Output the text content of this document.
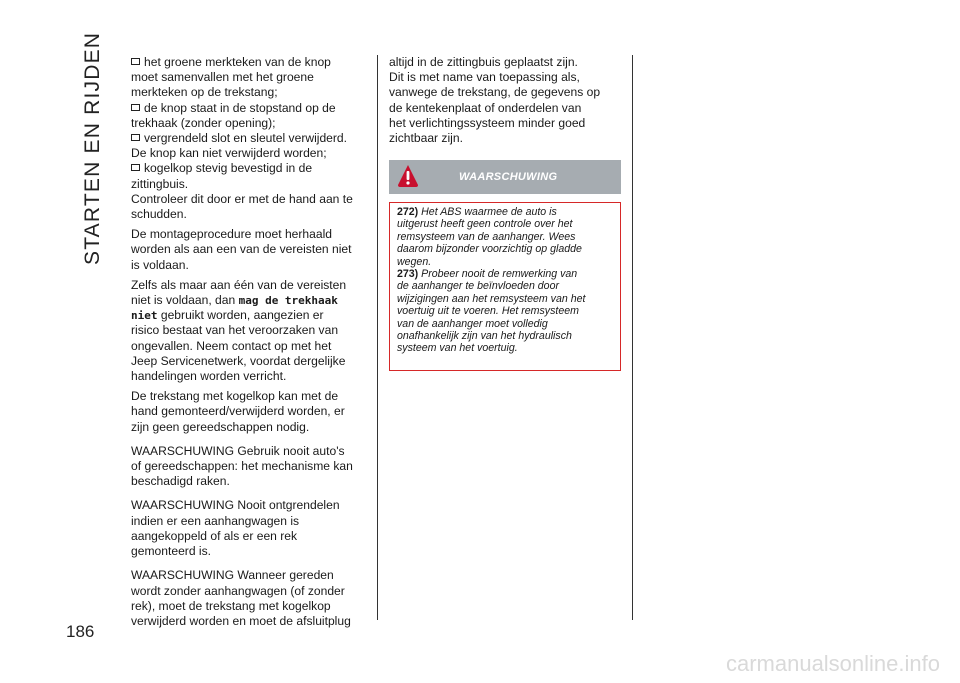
STARTEN EN RIJDEN
186
het groene merkteken van de knop
moet samenvallen met het groene
merkteken op de trekstang;
de knop staat in de stopstand op de
trekhaak (zonder opening);
vergrendeld slot en sleutel verwijderd.
De knop kan niet verwijderd worden;
kogelkop stevig bevestigd in de
zittingbuis.
Controleer dit door er met de hand aan te
schudden.
De montageprocedure moet herhaald
worden als aan een van de vereisten niet
is voldaan.
Zelfs als maar aan één van de vereisten
niet is voldaan, dan mag de trekhaak
niet gebruikt worden, aangezien er
risico bestaat van het veroorzaken van
ongevallen. Neem contact op met het
Jeep Servicenetwerk, voordat dergelijke
handelingen worden verricht.
De trekstang met kogelkop kan met de
hand gemonteerd/verwijderd worden, er
zijn geen gereedschappen nodig.
WAARSCHUWING Gebruik nooit auto's
of gereedschappen: het mechanisme kan
beschadigd raken.
WAARSCHUWING Nooit ontgrendelen
indien er een aanhangwagen is
aangekoppeld of als er een rek
gemonteerd is.
WAARSCHUWING Wanneer gereden
wordt zonder aanhangwagen (of zonder
rek), moet de trekstang met kogelkop
verwijderd worden en moet de afsluitplug
altijd in de zittingbuis geplaatst zijn.
Dit is met name van toepassing als,
vanwege de trekstang, de gegevens op
de kentekenplaat of onderdelen van
het verlichtingssysteem minder goed
zichtbaar zijn.
WAARSCHUWING
272) Het ABS waarmee de auto is
uitgerust heeft geen controle over het
remsysteem van de aanhanger. Wees
daarom bijzonder voorzichtig op gladde
wegen.
273) Probeer nooit de remwerking van
de aanhanger te beïnvloeden door
wijzigingen aan het remsysteem van het
voertuig uit te voeren. Het remsysteem
van de aanhanger moet volledig
onafhankelijk zijn van het hydraulisch
systeem van het voertuig.
carmanualsonline.info
